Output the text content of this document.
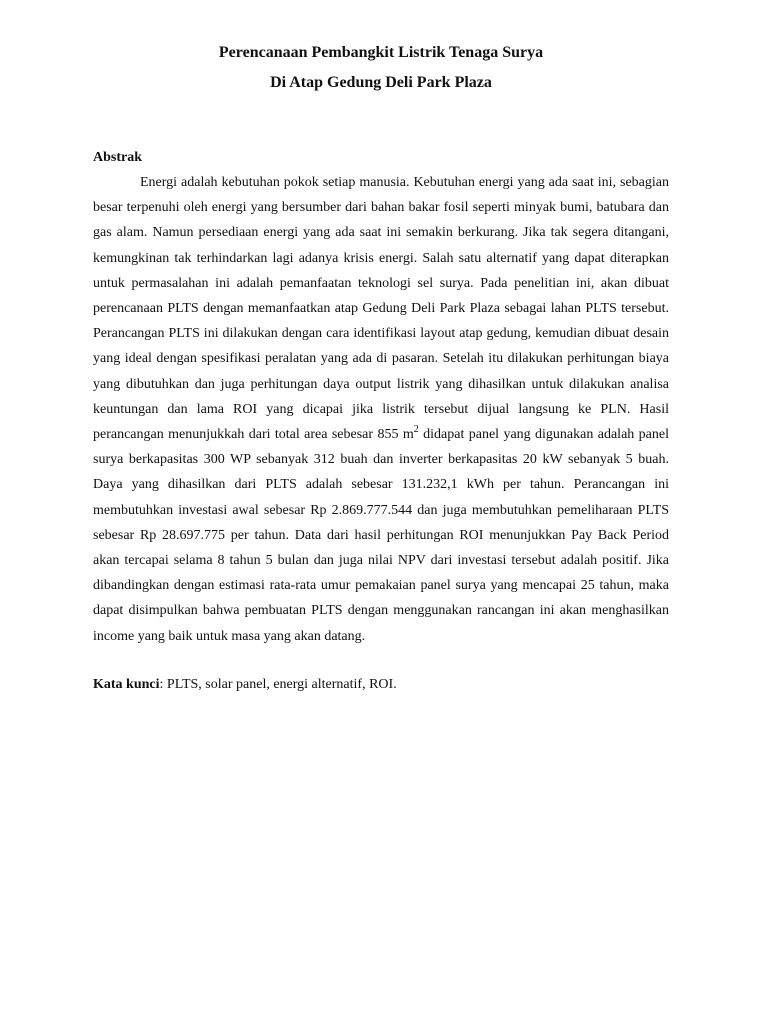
Perencanaan Pembangkit Listrik Tenaga Surya
Di Atap Gedung Deli Park Plaza
Abstrak

Energi adalah kebutuhan pokok setiap manusia. Kebutuhan energi yang ada saat ini, sebagian besar terpenuhi oleh energi yang bersumber dari bahan bakar fosil seperti minyak bumi, batubara dan gas alam. Namun persediaan energi yang ada saat ini semakin berkurang. Jika tak segera ditangani, kemungkinan tak terhindarkan lagi adanya krisis energi. Salah satu alternatif yang dapat diterapkan untuk permasalahan ini adalah pemanfaatan teknologi sel surya. Pada penelitian ini, akan dibuat perencanaan PLTS dengan memanfaatkan atap Gedung Deli Park Plaza sebagai lahan PLTS tersebut. Perancangan PLTS ini dilakukan dengan cara identifikasi layout atap gedung, kemudian dibuat desain yang ideal dengan spesifikasi peralatan yang ada di pasaran. Setelah itu dilakukan perhitungan biaya yang dibutuhkan dan juga perhitungan daya output listrik yang dihasilkan untuk dilakukan analisa keuntungan dan lama ROI yang dicapai jika listrik tersebut dijual langsung ke PLN. Hasil perancangan menunjukkah dari total area sebesar 855 $m^2$ didapat panel yang digunakan adalah panel surya berkapasitas 300 WP sebanyak 312 buah dan inverter berkapasitas 20 kW sebanyak 5 buah. Daya yang dihasilkan dari PLTS adalah sebesar 131.232,1 kWh per tahun. Perancangan ini membutuhkan investasi awal sebesar Rp 2.869.777.544 dan juga membutuhkan pemeliharaan PLTS sebesar Rp 28.697.775 per tahun. Data dari hasil perhitungan ROI menunjukkan Pay Back Period akan tercapai selama 8 tahun 5 bulan dan juga nilai NPV dari investasi tersebut adalah positif. Jika dibandingkan dengan estimasi rata-rata umur pemakaian panel surya yang mencapai 25 tahun, maka dapat disimpulkan bahwa pembuatan PLTS dengan menggunakan rancangan ini akan menghasilkan income yang baik untuk masa yang akan datang.

Kata kunci: PLTS, solar panel, energi alternatif, ROI.
